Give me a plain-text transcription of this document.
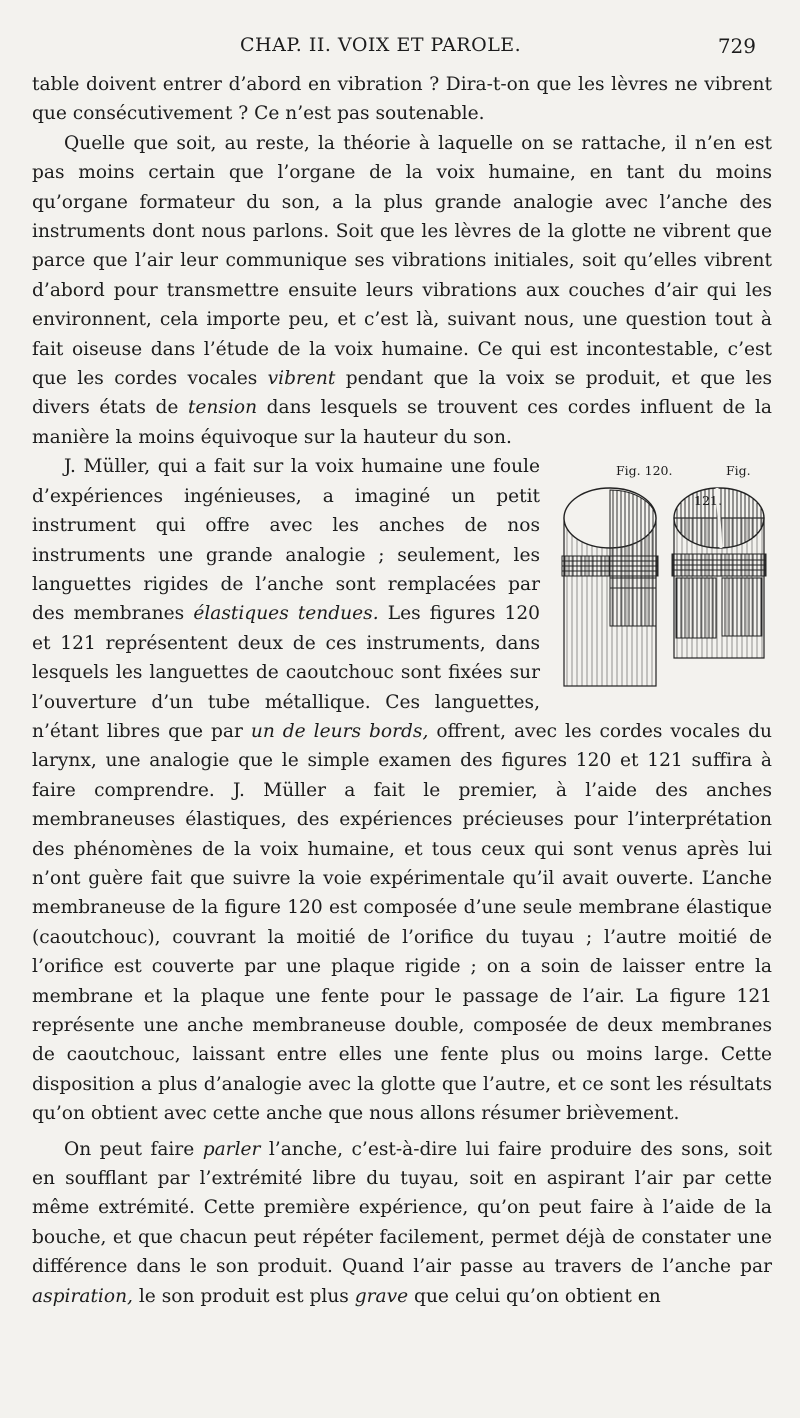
CHAP. II. VOIX ET PAROLE.	729

table doivent entrer d’abord en vibration ? Dira-t-on que les lèvres ne vibrent que consécutivement ? Ce n’est pas soutenable.

Quelle que soit, au reste, la théorie à laquelle on se rattache, il n’en est pas moins certain que l’organe de la voix humaine, en tant du moins qu’organe formateur du son, a la plus grande analogie avec l’anche des instruments dont nous parlons. Soit que les lèvres de la glotte ne vibrent que parce que l’air leur communique ses vibrations initiales, soit qu’elles vibrent d’abord pour transmettre ensuite leurs vibrations aux couches d’air qui les environnent, cela importe peu, et c’est là, suivant nous, une question tout à fait oiseuse dans l’étude de la voix humaine. Ce qui est incontestable, c’est que les cordes vocales vibrent pendant que la voix se produit, et que les divers états de tension dans lesquels se trouvent ces cordes influent de la manière la moins équivoque sur la hauteur du son.

Fig. 120.	Fig.
J. Müller, qui a fait sur la voix humaine une foule d’expériences ingénieuses, a imaginé un petit instrument qui offre avec les anches de nos instruments une grande analogie ; seulement, les languettes rigides de l’anche sont remplacées par des membranes élastiques tendues. Les figures 120 et 121 représentent deux de ces instruments, dans lesquels les languettes de caoutchouc sont fixées sur l’ouverture d’un tube métallique. Ces languettes, n’étant libres que par un de leurs bords, offrent, avec les cordes vocales du larynx, une analogie que le simple examen des figures 120 et 121 suffira à faire comprendre. J. Müller a fait le premier, à l’aide des anches membraneuses élastiques, des expériences précieuses pour l’interprétation des phénomènes de la voix humaine, et tous ceux qui sont venus après lui n’ont guère fait que suivre la voie expérimentale qu’il avait ouverte. L’anche membraneuse de la figure 120 est composée d’une seule membrane élastique (caoutchouc), couvrant la moitié de l’orifice du tuyau ; l’autre moitié de l’orifice est couverte par une plaque rigide ; on a soin de laisser entre la membrane et la plaque une fente pour le passage de l’air. La figure 121 représente une anche membraneuse double, composée de deux membranes de caoutchouc, laissant entre elles une fente plus ou moins large. Cette disposition a plus d’analogie avec la glotte que l’autre, et ce sont les résultats qu’on obtient avec cette anche que nous allons résumer brièvement.

On peut faire parler l’anche, c’est-à-dire lui faire produire des sons, soit en soufflant par l’extrémité libre du tuyau, soit en aspirant l’air par cette même extrémité. Cette première expérience, qu’on peut faire à l’aide de la bouche, et que chacun peut répéter facilement, permet déjà de constater une différence dans le son produit. Quand l’air passe au travers de l’anche par aspiration, le son produit est plus grave que celui qu’on obtient en
